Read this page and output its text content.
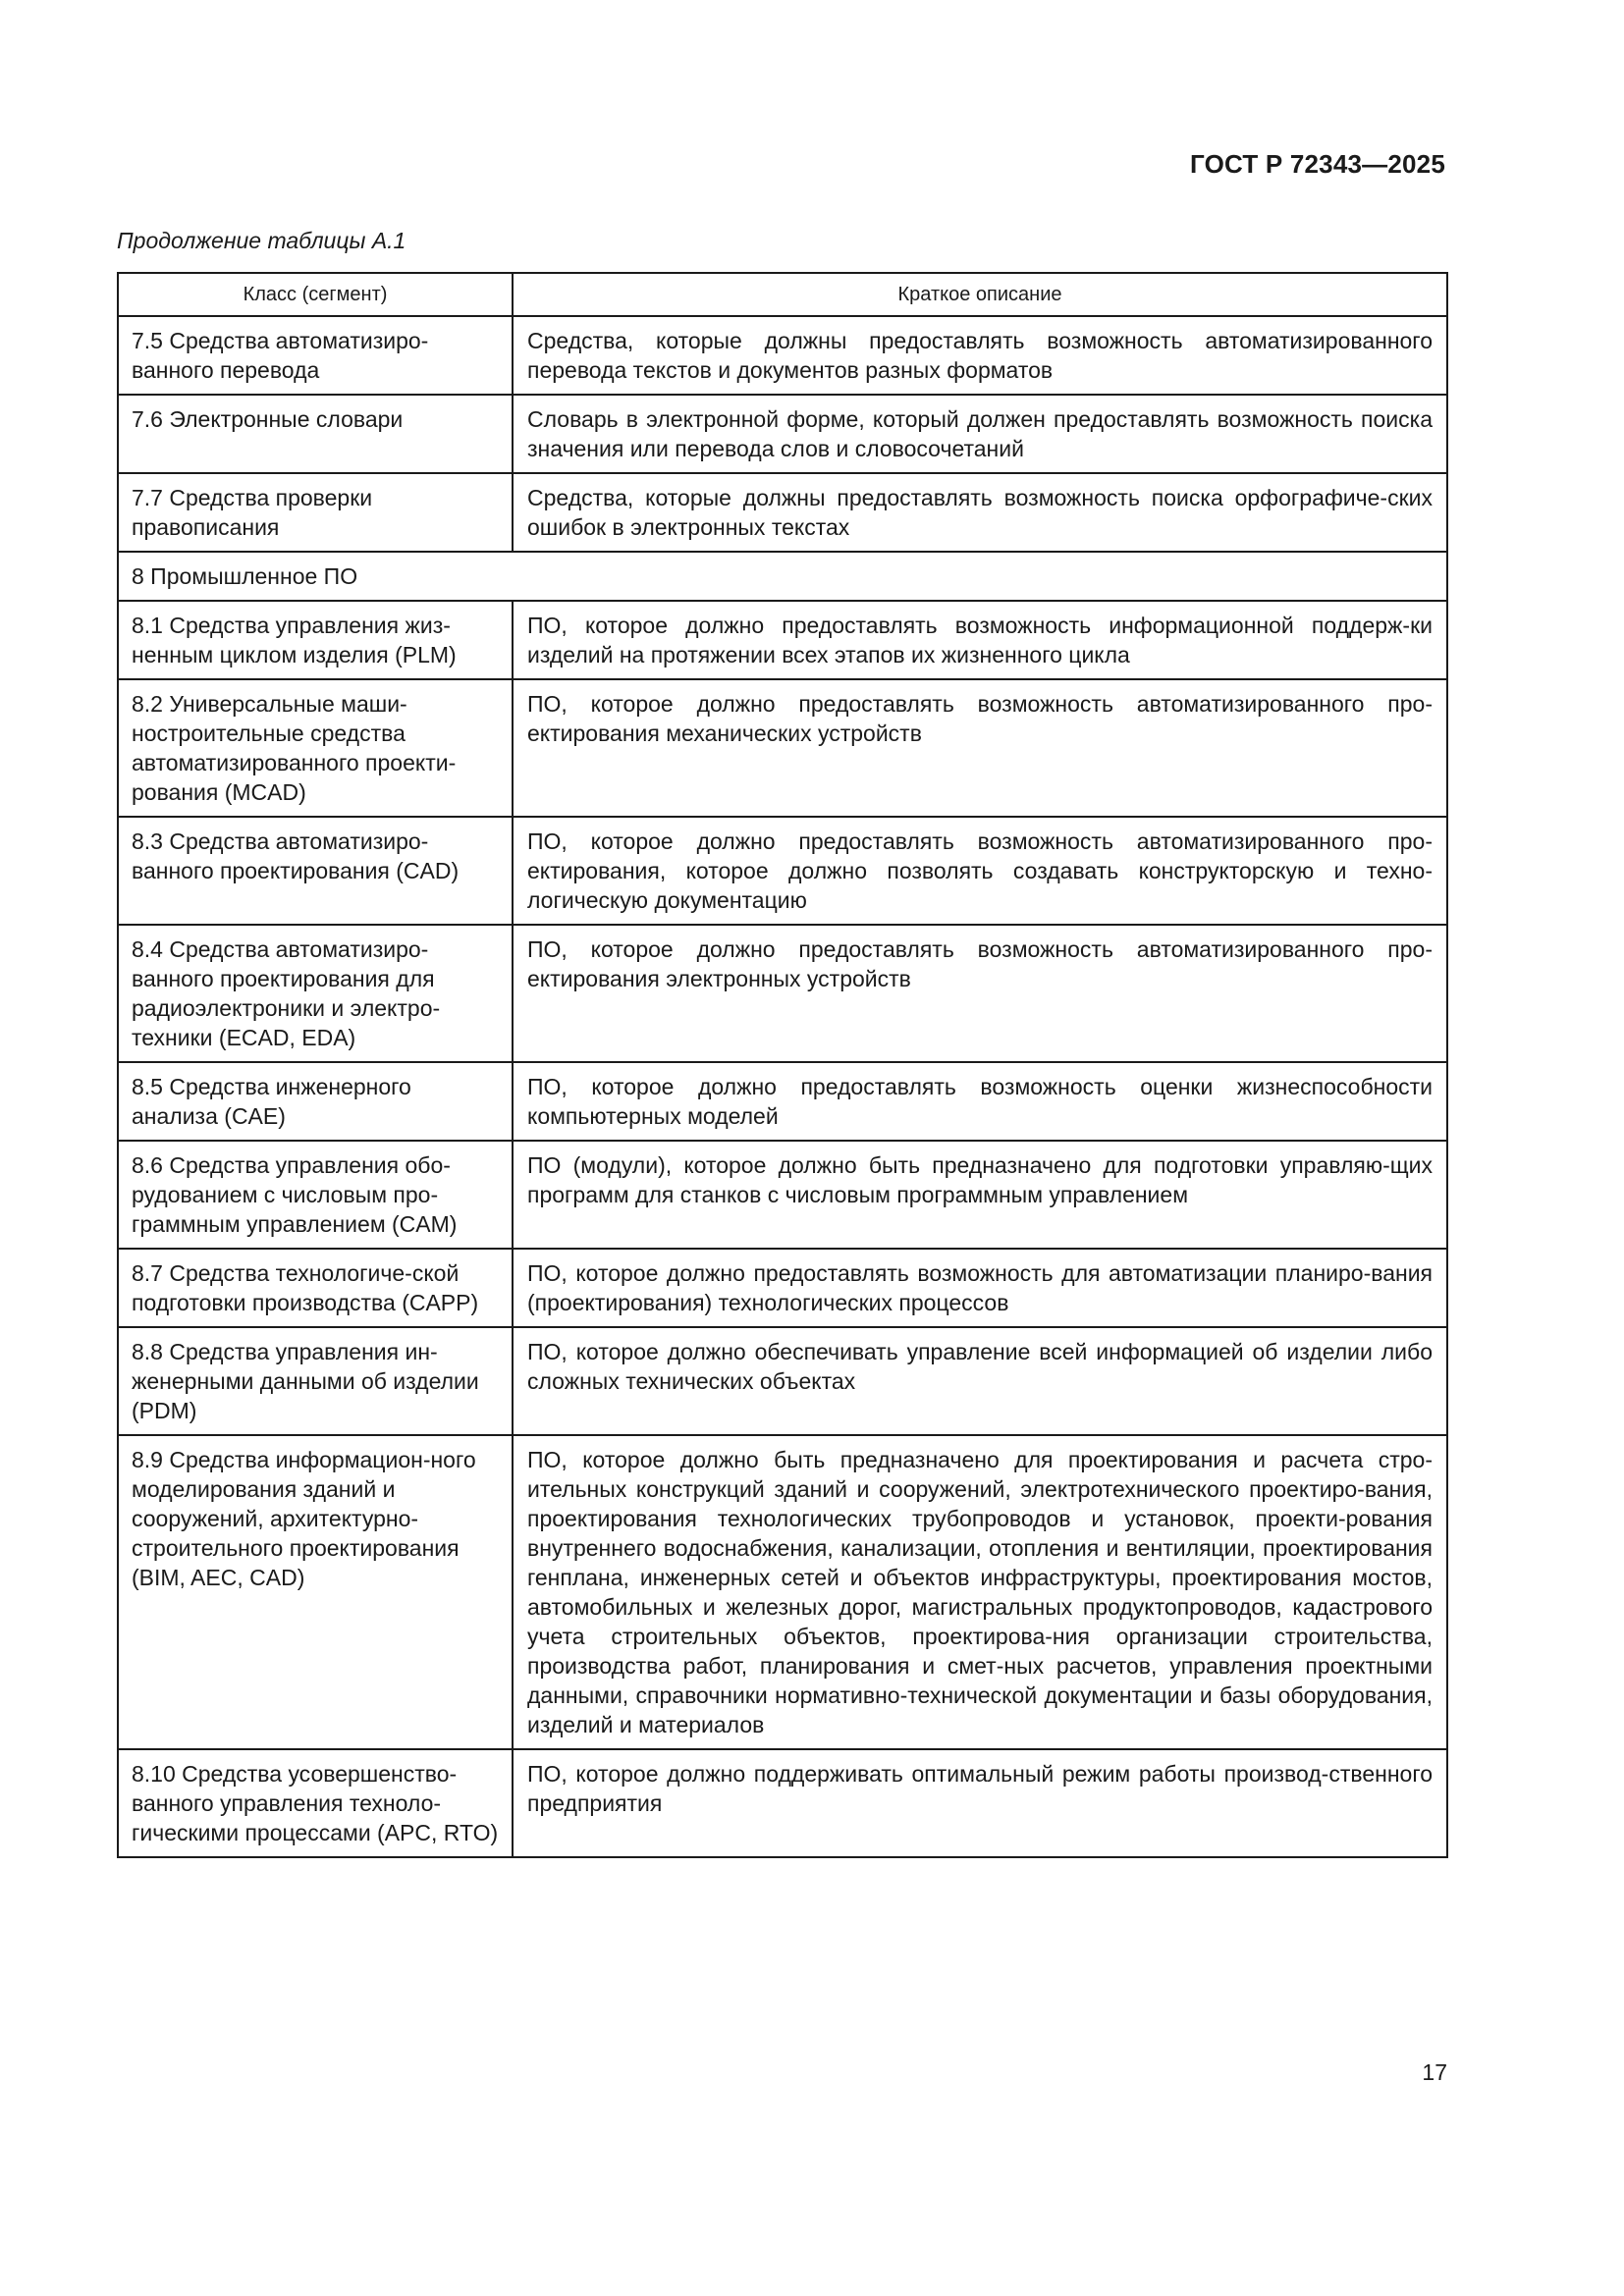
ГОСТ Р 72343—2025
Продолжение таблицы А.1
Класс (сегмент)	Краткое описание
7.5 Средства автоматизиро-ванного перевода	Средства, которые должны предоставлять возможность автоматизированного перевода текстов и документов разных форматов
7.6 Электронные словари	Словарь в электронной форме, который должен предоставлять возможность поиска значения или перевода слов и словосочетаний
7.7 Средства проверки правописания	Средства, которые должны предоставлять возможность поиска орфографиче-ских ошибок в электронных текстах
8 Промышленное ПО	
8.1 Средства управления жиз-ненным циклом изделия (PLM)	ПО, которое должно предоставлять возможность информационной поддерж-ки изделий на протяжении всех этапов их жизненного цикла
8.2 Универсальные маши-ностроительные средства автоматизированного проекти-рования (MCAD)	ПО, которое должно предоставлять возможность автоматизированного про-ектирования механических устройств
8.3 Средства автоматизиро-ванного проектирования (CAD)	ПО, которое должно предоставлять возможность автоматизированного про-ектирования, которое должно позволять создавать конструкторскую и техно-логическую документацию
8.4 Средства автоматизиро-ванного проектирования для радиоэлектроники и электро-техники (ECAD, EDA)	ПО, которое должно предоставлять возможность автоматизированного про-ектирования электронных устройств
8.5 Средства инженерного анализа (CAE)	ПО, которое должно предоставлять возможность оценки жизнеспособности компьютерных моделей
8.6 Средства управления обо-рудованием с числовым про-граммным управлением (CAM)	ПО (модули), которое должно быть предназначено для подготовки управляю-щих программ для станков с числовым программным управлением
8.7 Средства технологиче-ской подготовки производства (CAPP)	ПО, которое должно предоставлять возможность для автоматизации планиро-вания (проектирования) технологических процессов
8.8 Средства управления ин-женерными данными об изделии (PDM)	ПО, которое должно обеспечивать управление всей информацией об изделии либо сложных технических объектах
8.9 Средства информацион-ного моделирования зданий и сооружений, архитектурно-строительного проектирования (BIM, AEC, CAD)	ПО, которое должно быть предназначено для проектирования и расчета стро-ительных конструкций зданий и сооружений, электротехнического проектиро-вания, проектирования технологических трубопроводов и установок, проекти-рования внутреннего водоснабжения, канализации, отопления и вентиляции, проектирования генплана, инженерных сетей и объектов инфраструктуры, проектирования мостов, автомобильных и железных дорог, магистральных продуктопроводов, кадастрового учета строительных объектов, проектирова-ния организации строительства, производства работ, планирования и смет-ных расчетов, управления проектными данными, справочники нормативно-технической документации и базы оборудования, изделий и материалов
8.10 Средства усовершенство-ванного управления техноло-гическими процессами (APC, RTO)	ПО, которое должно поддерживать оптимальный режим работы производ-ственного предприятия
17
